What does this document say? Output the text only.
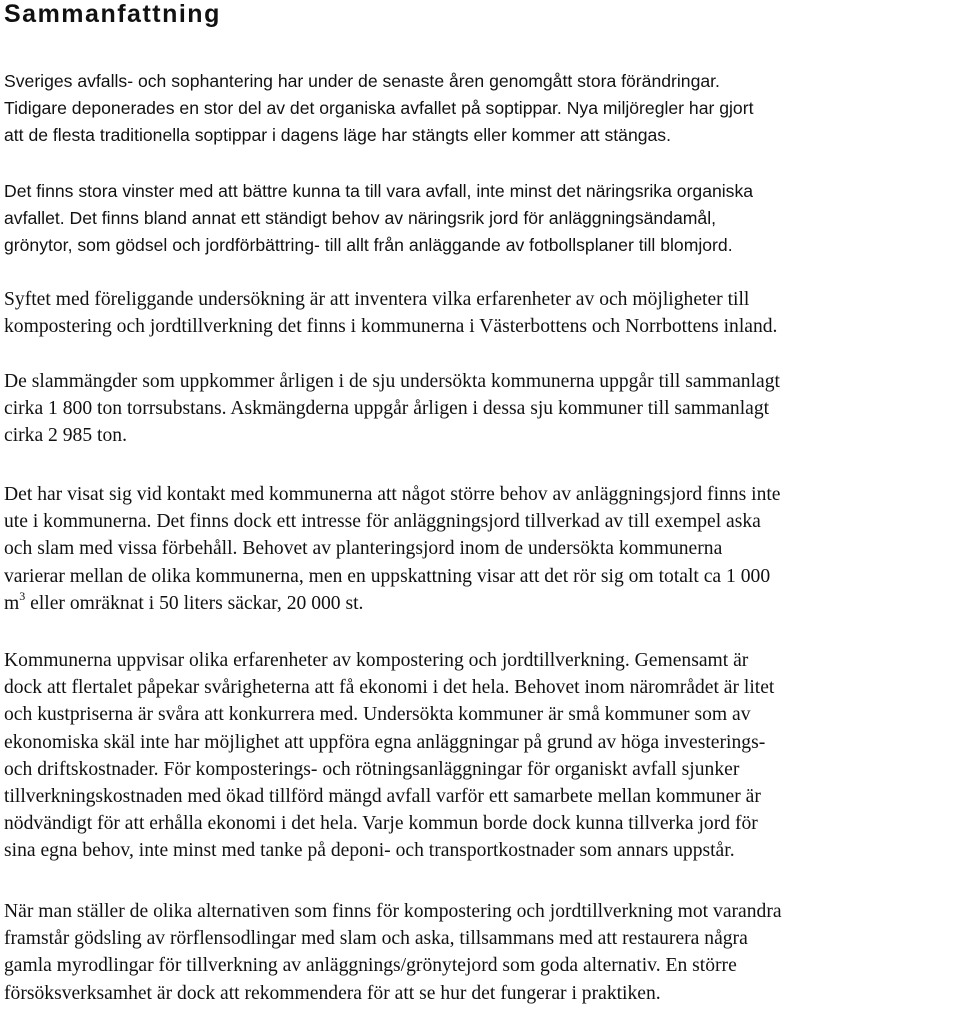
Sammanfattning

Sveriges avfalls- och sophantering har under de senaste åren genomgått stora förändringar.
Tidigare deponerades en stor del av det organiska avfallet på soptippar. Nya miljöregler har gjort
att de flesta traditionella soptippar i dagens läge har stängts eller kommer att stängas.

Det finns stora vinster med att bättre kunna ta till vara avfall, inte minst det näringsrika organiska
avfallet. Det finns bland annat ett ständigt behov av näringsrik jord för anläggningsändamål,
grönytor, som gödsel och jordförbättring- till allt från anläggande av fotbollsplaner till blomjord.

Syftet med föreliggande undersökning är att inventera vilka erfarenheter av och möjligheter till
kompostering och jordtillverkning det finns i kommunerna i Västerbottens och Norrbottens inland.

De slammängder som uppkommer årligen i de sju undersökta kommunerna uppgår till sammanlagt
cirka 1 800 ton torrsubstans. Askmängderna uppgår årligen i dessa sju kommuner till sammanlagt
cirka 2 985 ton.

Det har visat sig vid kontakt med kommunerna att något större behov av anläggningsjord finns inte
ute i kommunerna. Det finns dock ett intresse för anläggningsjord tillverkad av till exempel aska
och slam med vissa förbehåll. Behovet av planteringsjord inom de undersökta kommunerna
varierar mellan de olika kommunerna, men en uppskattning visar att det rör sig om totalt ca 1 000
$m^3$ eller omräknat i 50 liters säckar, 20 000 st.

Kommunerna uppvisar olika erfarenheter av kompostering och jordtillverkning. Gemensamt är
dock att flertalet påpekar svårigheterna att få ekonomi i det hela. Behovet inom närområdet är litet
och kustpriserna är svåra att konkurrera med. Undersökta kommuner är små kommuner som av
ekonomiska skäl inte har möjlighet att uppföra egna anläggningar på grund av höga investerings-
och driftskostnader. För komposterings- och rötningsanläggningar för organiskt avfall sjunker
tillverkningskostnaden med ökad tillförd mängd avfall varför ett samarbete mellan kommuner är
nödvändigt för att erhålla ekonomi i det hela. Varje kommun borde dock kunna tillverka jord för
sina egna behov, inte minst med tanke på deponi- och transportkostnader som annars uppstår.

När man ställer de olika alternativen som finns för kompostering och jordtillverkning mot varandra
framstår gödsling av rörflensodlingar med slam och aska, tillsammans med att restaurera några
gamla myrodlingar för tillverkning av anläggnings/grönytejord som goda alternativ. En större
försöksverksamhet är dock att rekommendera för att se hur det fungerar i praktiken.
